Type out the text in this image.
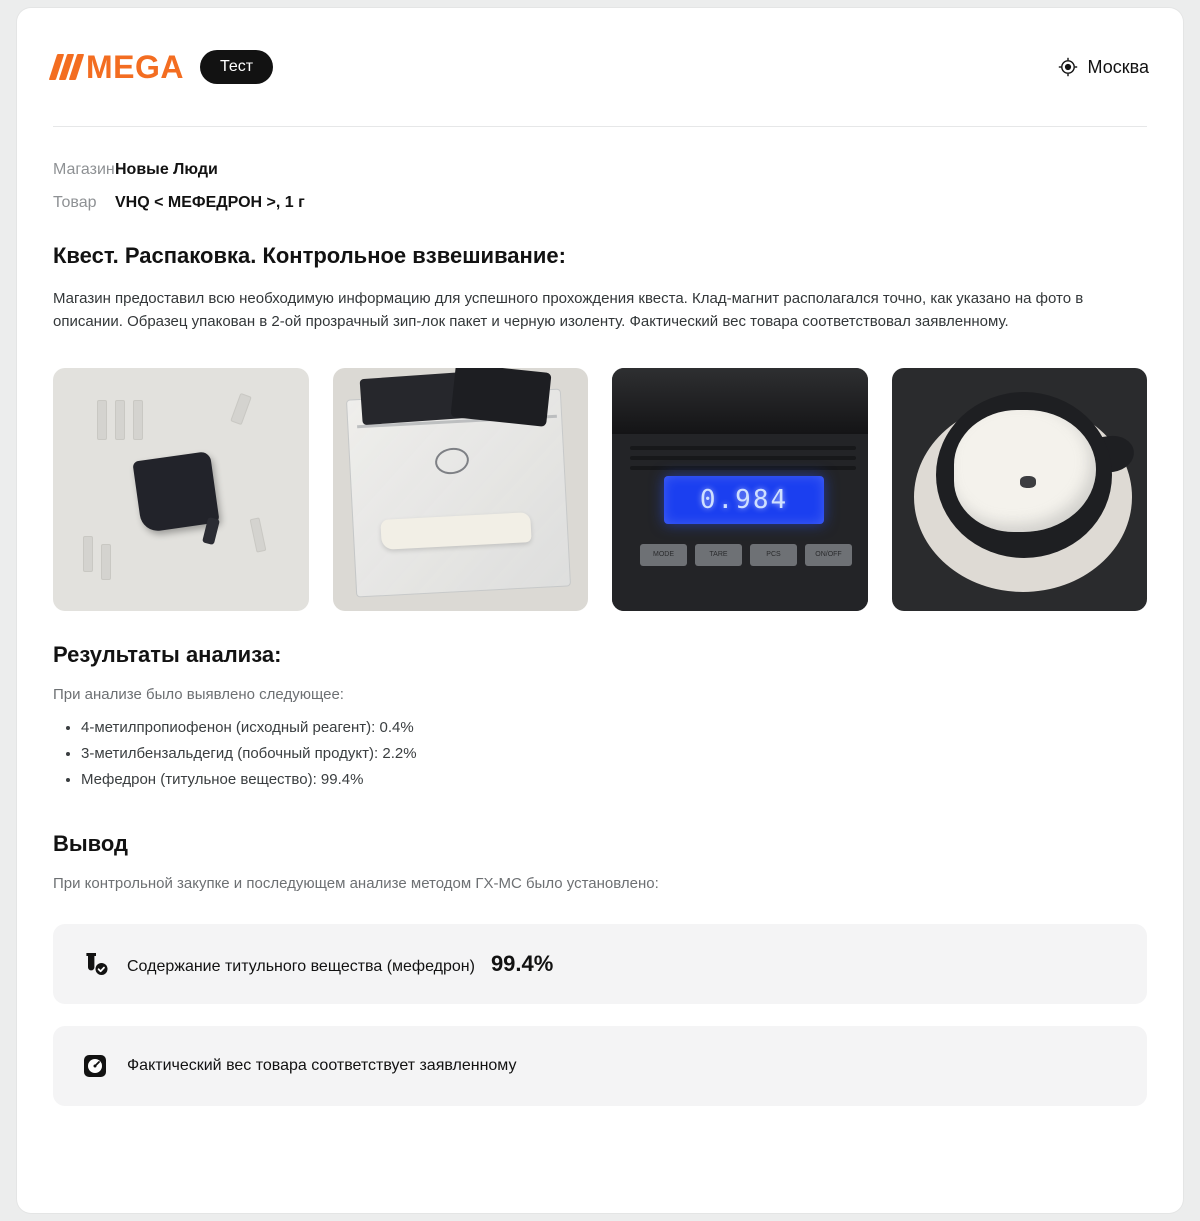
MEGA	Тест	Москва
Магазин Новые Люди
Товар	VHQ < МЕФЕДРОН >, 1 г
Квест. Распаковка. Контрольное взвешивание:

Магазин предоставил всю необходимую информацию для успешного прохождения квеста. Клад-магнит располагался точно, как указано на фото в описании. Образец упакован в 2-ой прозрачный зип-лок пакет и черную изоленту. Фактический вес товара соответствовал заявленному.

0.984
MODE	TARE	PCS	ON/OFF
Результаты анализа:

При анализе было выявлено следующее:

• 4-метилпропиофенон (исходный реагент): 0.4%
• 3-метилбензальдегид (побочный продукт): 2.2%
• Мефедрон (титульное вещество): 99.4%
Вывод

При контрольной закупке и последующем анализе методом ГХ-МС было установлено:

Содержание титульного вещества (мефедрон) 99.4%
Фактический вес товара соответствует заявленному
